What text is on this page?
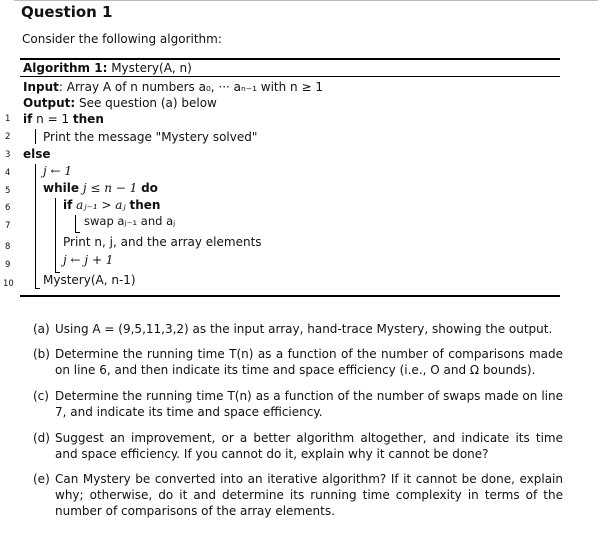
Question 1
Consider the following algorithm:
Algorithm 1: Mystery(A, n)
Input: Array A of n numbers a₀, ··· aₙ₋₁ with n ≥ 1
Output: See question (a) below
1	if n = 1 then
2	Print the message "Mystery solved"
3	else
4	j ← 1
5	while j ≤ n − 1 do
6	if aⱼ₋₁ > aⱼ then
7	swap aⱼ₋₁ and aⱼ
8	Print n, j, and the array elements
9	j ← j + 1
10 Mystery(A, n-1)
(a) Using A = (9,5,11,3,2) as the input array, hand-trace Mystery, showing the output.
(b) Determine the running time T(n) as a function of the number of comparisons made on line 6, and then indicate its time and space efficiency (i.e., O and Ω bounds).
(c) Determine the running time T(n) as a function of the number of swaps made on line 7, and indicate its time and space efficiency.
(d) Suggest an improvement, or a better algorithm altogether, and indicate its time and space efficiency. If you cannot do it, explain why it cannot be done?
(e) Can Mystery be converted into an iterative algorithm? If it cannot be done, explain why; otherwise, do it and determine its running time complexity in terms of the number of comparisons of the array elements.
